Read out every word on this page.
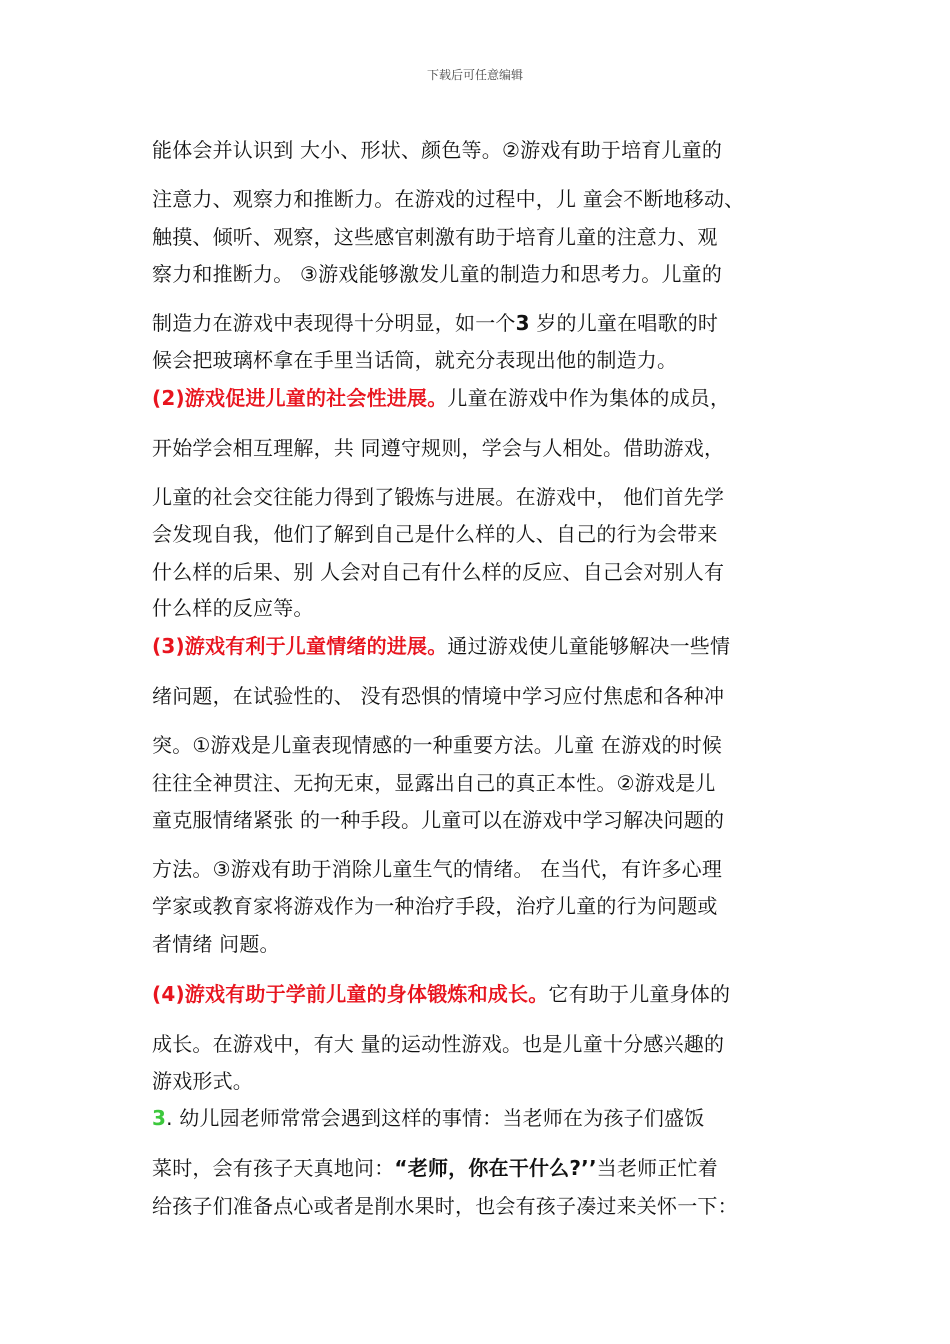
下载后可任意编辑
能体会并认识到 大小、形状、颜色等。②游戏有助于培育儿童的
注意力、观察力和推断力。在游戏的过程中，儿 童会不断地移动、
触摸、倾听、观察，这些感官刺激有助于培育儿童的注意力、观
察力和推断力。 ③游戏能够激发儿童的制造力和思考力。儿童的
制造力在游戏中表现得十分明显，如一个3 岁的儿童在唱歌的时
候会把玻璃杯拿在手里当话筒，就充分表现出他的制造力。
(2)游戏促进儿童的社会性进展。儿童在游戏中作为集体的成员，
开始学会相互理解，共 同遵守规则，学会与人相处。借助游戏，
儿童的社会交往能力得到了锻炼与进展。在游戏中， 他们首先学
会发现自我，他们了解到自己是什么样的人、自己的行为会带来
什么样的后果、别 人会对自己有什么样的反应、自己会对别人有
什么样的反应等。
(3)游戏有利于儿童情绪的进展。通过游戏使儿童能够解决一些情
绪问题，在试验性的、 没有恐惧的情境中学习应付焦虑和各种冲
突。①游戏是儿童表现情感的一种重要方法。儿童 在游戏的时候
往往全神贯注、无拘无束，显露出自己的真正本性。②游戏是儿
童克服情绪紧张 的一种手段。儿童可以在游戏中学习解决问题的
方法。③游戏有助于消除儿童生气的情绪。 在当代，有许多心理
学家或教育家将游戏作为一种治疗手段，治疗儿童的行为问题或
者情绪 问题。
(4)游戏有助于学前儿童的身体锻炼和成长。它有助于儿童身体的
成长。在游戏中，有大 量的运动性游戏。也是儿童十分感兴趣的
游戏形式。
3. 幼儿园老师常常会遇到这样的事情：当老师在为孩子们盛饭
菜时，会有孩子天真地问：“老师，你在干什么?’’当老师正忙着
给孩子们准备点心或者是削水果时，也会有孩子凑过来关怀一下：
